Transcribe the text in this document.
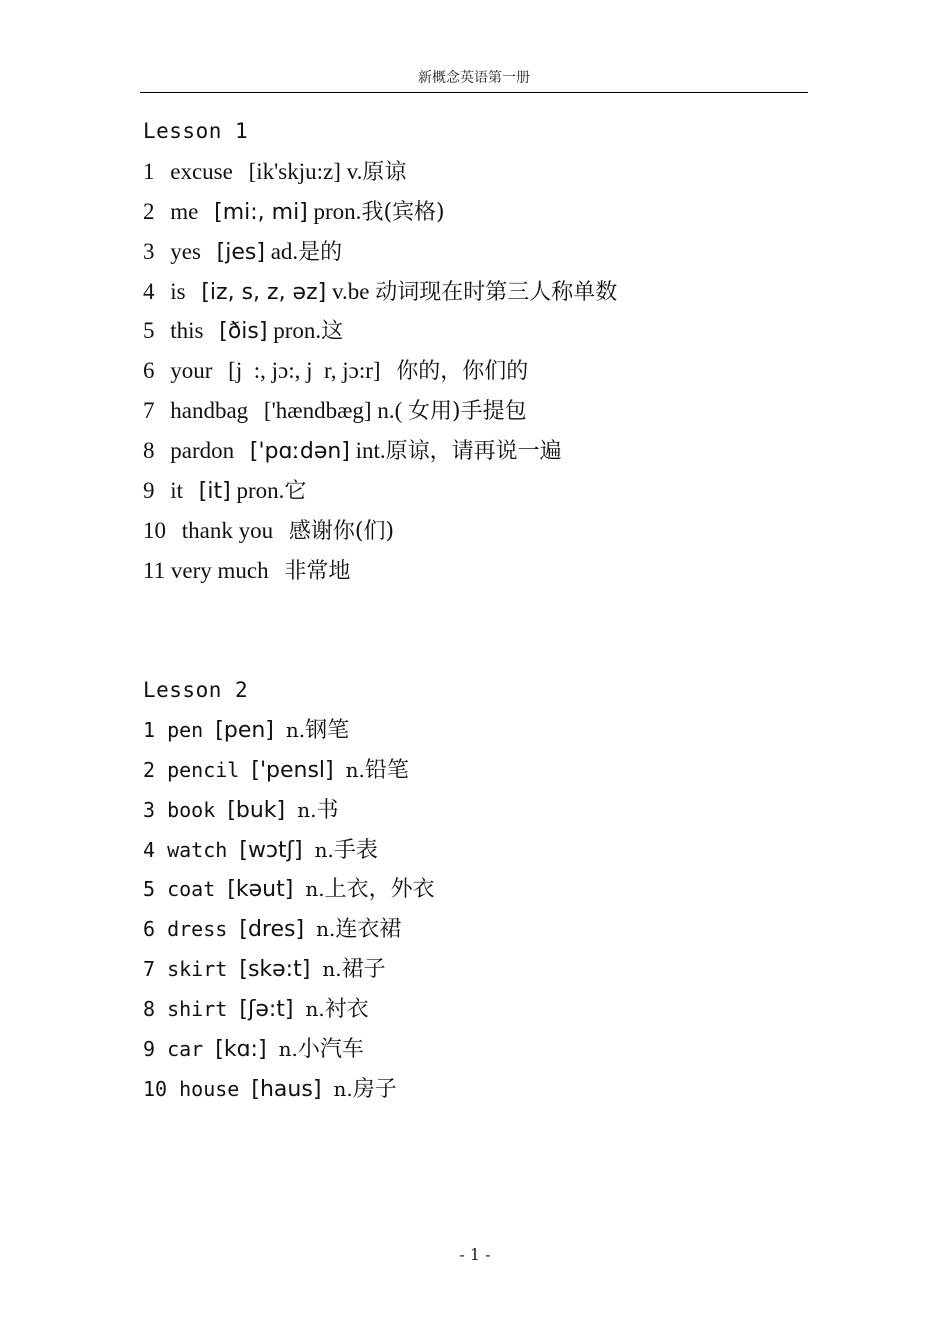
新概念英语第一册
Lesson 1
1 excuse [ik'skju:z] v.原谅
2 me [mi:, mi] pron.我(宾格)
3 yes [jes] ad.是的
4 is [iz, s, z, əz] v.be 动词现在时第三人称单数
5 this [ðis] pron.这
6 your [j  :, jɔ:, j  r, jɔ:r] 你的，你们的
7 handbag ['hændbæg] n.( 女用)手提包
8 pardon ['pɑːdən] int.原谅，请再说一遍
9 it [it] pron.它
10 thank you 感谢你(们)
11 very much 非常地
Lesson 2
1 pen [pen] n.钢笔
2 pencil ['pensl] n.铅笔
3 book [buk] n.书
4 watch [wɔtʃ] n.手表
5 coat [kəut] n.上衣，外衣
6 dress [dres] n.连衣裙
7 skirt [skə:t] n.裙子
8 shirt [ʃə:t] n.衬衣
9 car [kɑ:] n.小汽车
10 house [haus] n.房子
- 1 -
